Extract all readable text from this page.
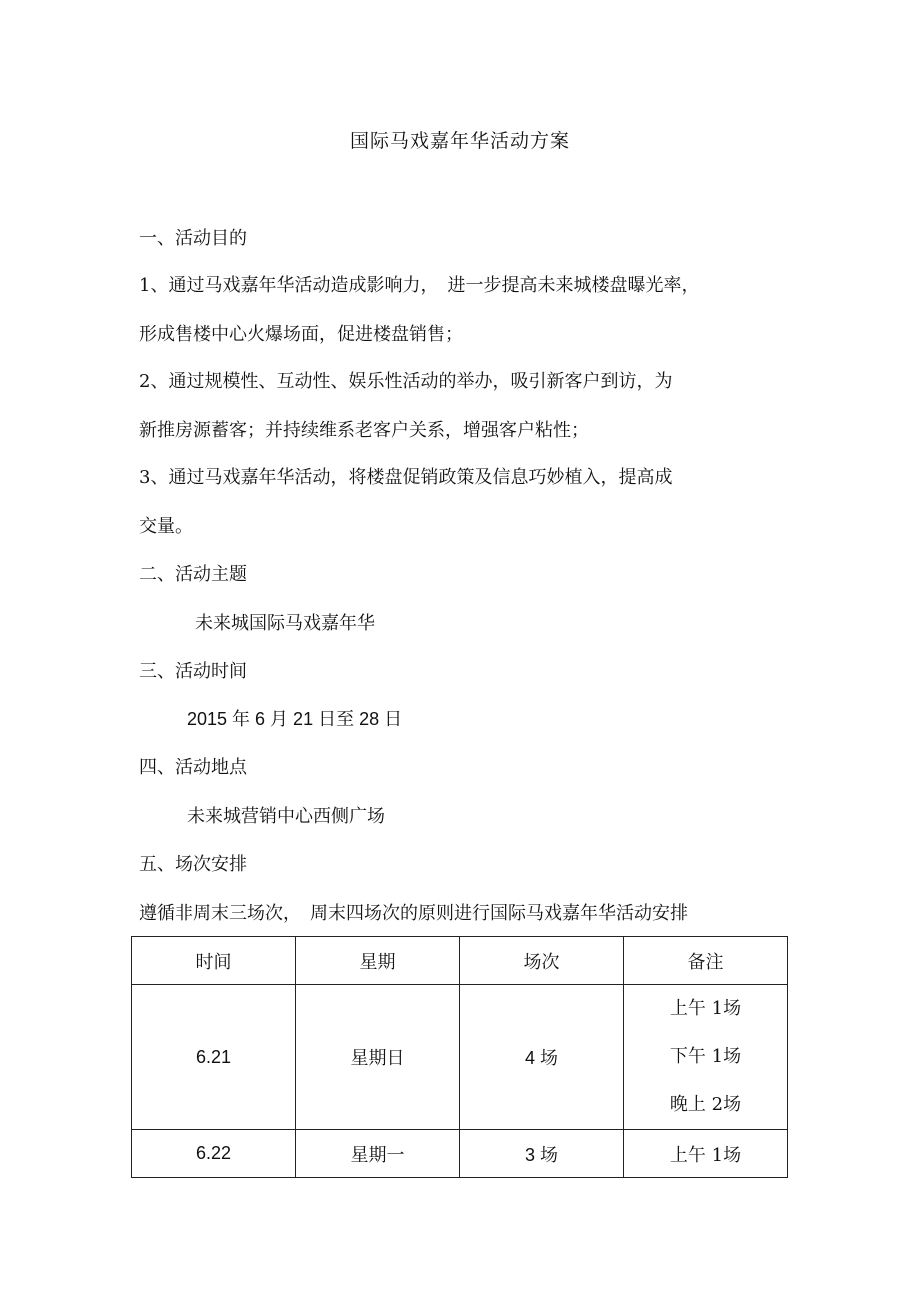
国际马戏嘉年华活动方案
一、活动目的
1、通过马戏嘉年华活动造成影响力，　进一步提高未来城楼盘曝光率，
形成售楼中心火爆场面，促进楼盘销售；
2、通过规模性、互动性、娱乐性活动的举办，吸引新客户到访，为
新推房源蓄客；并持续维系老客户关系，增强客户粘性；
3、通过马戏嘉年华活动，将楼盘促销政策及信息巧妙植入，提高成
交量。
二、活动主题
未来城国际马戏嘉年华
三、活动时间
2015 年 6 月 21 日至 28 日
四、活动地点
未来城营销中心西侧广场
五、场次安排
遵循非周末三场次，　周末四场次的原则进行国际马戏嘉年华活动安排
时间	星期	场次	备注
6.21	星期日	4 场	上午 1场
下午 1场
晚上 2场

6.22	星期一	3 场	上午 1场
